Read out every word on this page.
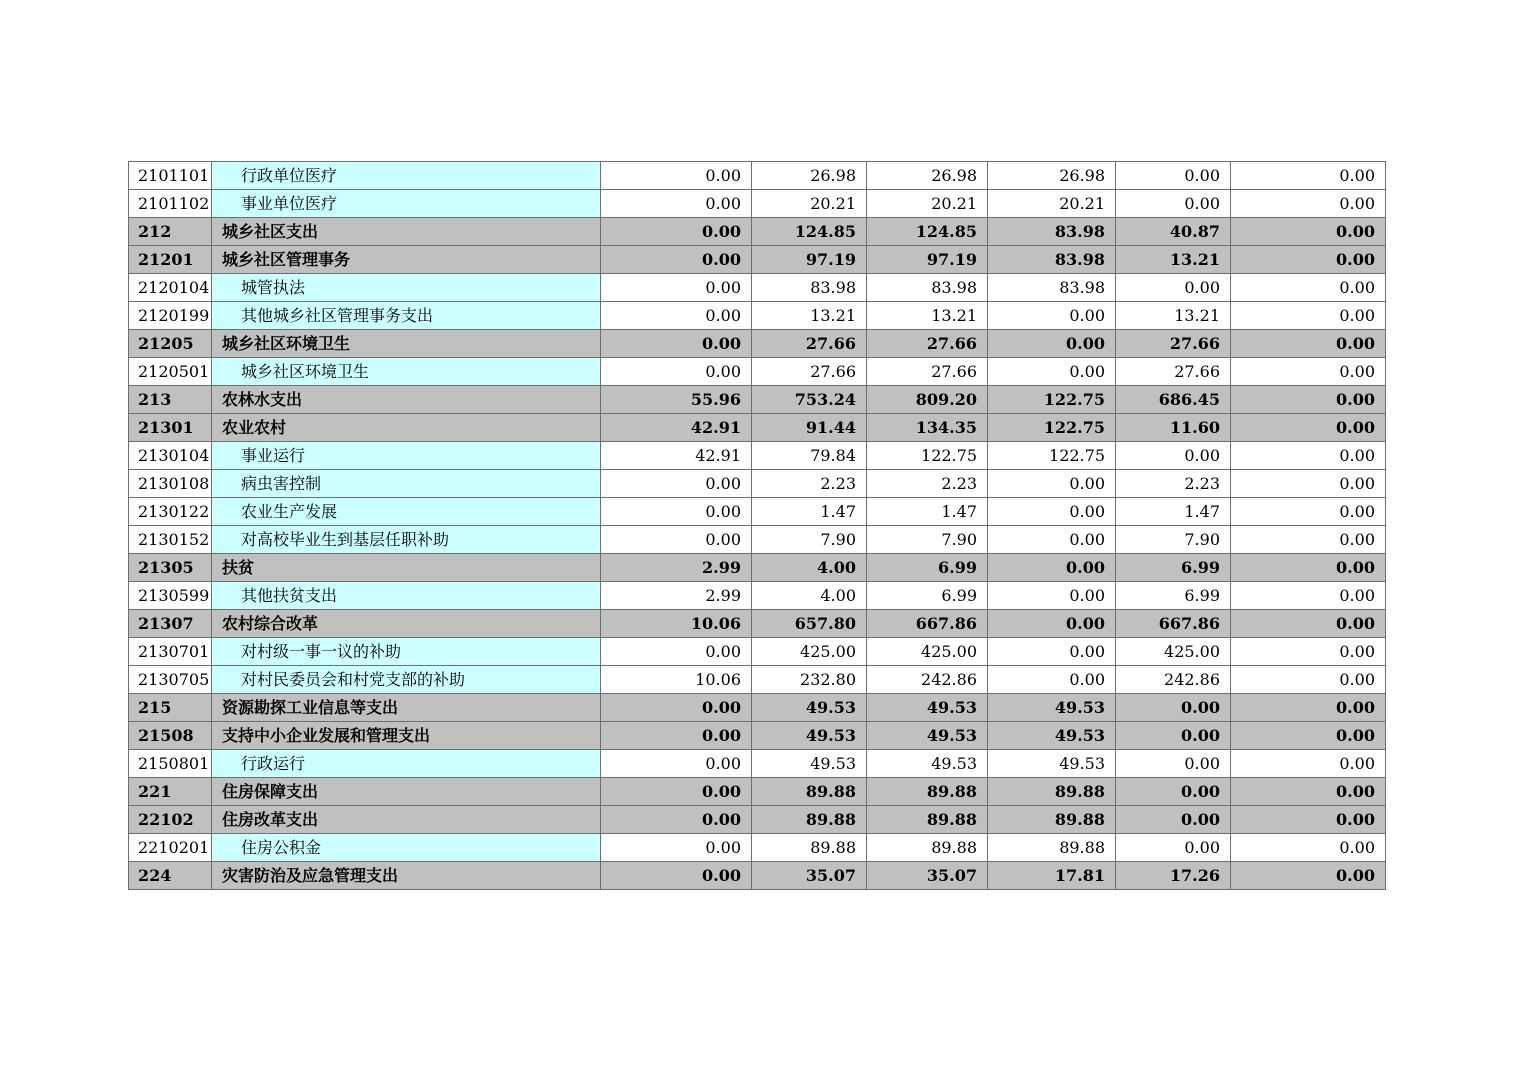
2101101	行政单位医疗	0.00	26.98	26.98	26.98	0.00	0.00
2101102	事业单位医疗	0.00	20.21	20.21	20.21	0.00	0.00
212	城乡社区支出	0.00	124.85	124.85	83.98	40.87	0.00
21201	城乡社区管理事务	0.00	97.19	97.19	83.98	13.21	0.00
2120104	城管执法	0.00	83.98	83.98	83.98	0.00	0.00
2120199	其他城乡社区管理事务支出	0.00	13.21	13.21	0.00	13.21	0.00
21205	城乡社区环境卫生	0.00	27.66	27.66	0.00	27.66	0.00
2120501	城乡社区环境卫生	0.00	27.66	27.66	0.00	27.66	0.00
213	农林水支出	55.96	753.24	809.20	122.75	686.45	0.00
21301	农业农村	42.91	91.44	134.35	122.75	11.60	0.00
2130104	事业运行	42.91	79.84	122.75	122.75	0.00	0.00
2130108	病虫害控制	0.00	2.23	2.23	0.00	2.23	0.00
2130122	农业生产发展	0.00	1.47	1.47	0.00	1.47	0.00
2130152	对高校毕业生到基层任职补助	0.00	7.90	7.90	0.00	7.90	0.00
21305	扶贫	2.99	4.00	6.99	0.00	6.99	0.00
2130599	其他扶贫支出	2.99	4.00	6.99	0.00	6.99	0.00
21307	农村综合改革	10.06	657.80	667.86	0.00	667.86	0.00
2130701	对村级一事一议的补助	0.00	425.00	425.00	0.00	425.00	0.00
2130705	对村民委员会和村党支部的补助	10.06	232.80	242.86	0.00	242.86	0.00
215	资源勘探工业信息等支出	0.00	49.53	49.53	49.53	0.00	0.00
21508	支持中小企业发展和管理支出	0.00	49.53	49.53	49.53	0.00	0.00
2150801	行政运行	0.00	49.53	49.53	49.53	0.00	0.00
221	住房保障支出	0.00	89.88	89.88	89.88	0.00	0.00
22102	住房改革支出	0.00	89.88	89.88	89.88	0.00	0.00
2210201	住房公积金	0.00	89.88	89.88	89.88	0.00	0.00
224	灾害防治及应急管理支出	0.00	35.07	35.07	17.81	17.26	0.00
